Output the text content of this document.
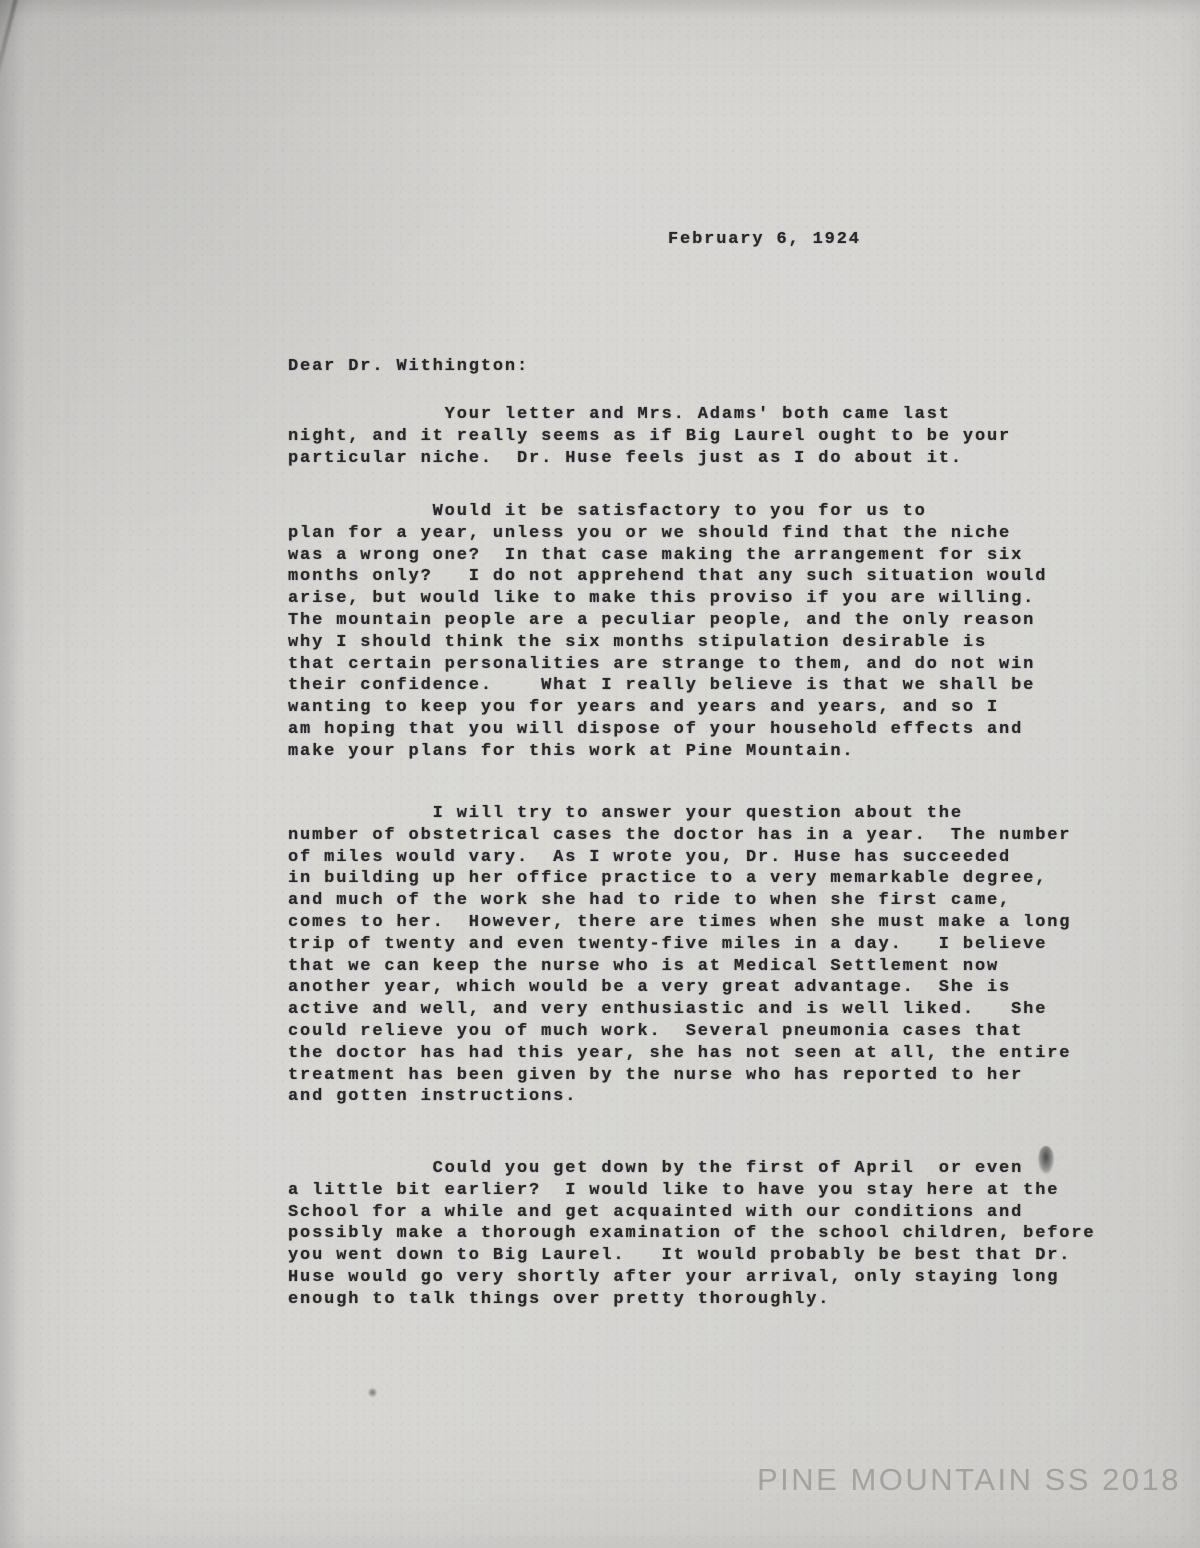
February 6, 1924
Dear Dr. Withington:
Your letter and Mrs. Adams' both came last
night, and it really seems as if Big Laurel ought to be your
particular niche.  Dr. Huse feels just as I do about it.
Would it be satisfactory to you for us to
plan for a year, unless you or we should find that the niche
was a wrong one?  In that case making the arrangement for six
months only?   I do not apprehend that any such situation would
arise, but would like to make this proviso if you are willing.
The mountain people are a peculiar people, and the only reason
why I should think the six months stipulation desirable is
that certain personalities are strange to them, and do not win
their confidence.    What I really believe is that we shall be
wanting to keep you for years and years and years, and so I
am hoping that you will dispose of your household effects and
make your plans for this work at Pine Mountain.
I will try to answer your question about the
number of obstetrical cases the doctor has in a year.  The number
of miles would vary.  As I wrote you, Dr. Huse has succeeded
in building up her office practice to a very memarkable degree,
and much of the work she had to ride to when she first came,
comes to her.  However, there are times when she must make a long
trip of twenty and even twenty-five miles in a day.   I believe
that we can keep the nurse who is at Medical Settlement now
another year, which would be a very great advantage.  She is
active and well, and very enthusiastic and is well liked.   She
could relieve you of much work.  Several pneumonia cases that
the doctor has had this year, she has not seen at all, the entire
treatment has been given by the nurse who has reported to her
and gotten instructions.
Could you get down by the first of April  or even
a little bit earlier?  I would like to have you stay here at the
School for a while and get acquainted with our conditions and
possibly make a thorough examination of the school children, before
you went down to Big Laurel.   It would probably be best that Dr.
Huse would go very shortly after your arrival, only staying long
enough to talk things over pretty thoroughly.
PINE MOUNTAIN SS 2018
